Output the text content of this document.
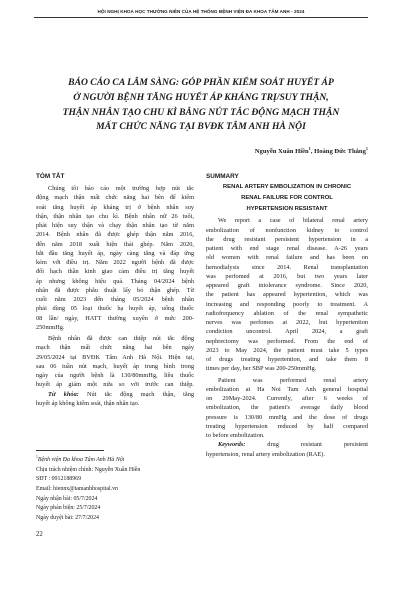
HỘI NGHỊ KHOA HỌC THƯỜNG NIÊN CỦA HỆ THỐNG BỆNH VIỆN ĐA KHOA TÂM ANH - 2024
BÁO CÁO CA LÂM SÀNG: GÓP PHẦN KIỂM SOÁT HUYẾT ÁP
Ở NGƯỜI BỆNH TĂNG HUYẾT ÁP KHÁNG TRỊ/SUY THẬN,
THẬN NHÂN TẠO CHU KÌ BẰNG NÚT TẮC ĐỘNG MẠCH THẬN
MẤT CHỨC NĂNG TẠI BVĐK TÂM ANH HÀ NỘI
Nguyễn Xuân Hiền$^1$, Hoàng Đức Thắng$^1$
TÓM TẮT
Chúng tôi báo cáo một trường hợp nút tắc
động mạch thận mất chức năng hai bên để kiểm
soát tăng huyết áp kháng trị ở bệnh nhân suy
thận, thận nhân tạo chu kì. Bệnh nhân nữ 26 tuổi,
phát hiện suy thận và chạy thận nhân tạo từ năm
2014. Bệnh nhân đã được ghép thận năm 2016,
đến năm 2018 xuất hiện thải ghép. Năm 2020,
bắt đầu tăng huyết áp, ngày càng tăng và đáp ứng
kém với điều trị. Năm 2022 người bệnh đã được
đối hạch thần kinh giao cảm điều trị tăng huyết
áp nhưng không hiệu quả. Tháng 04/2024 bệnh
nhân đã được phẫu thuật lấy bỏ thận ghép. Từ
cuối năm 2023 đến tháng 05/2024 bệnh nhân
phải dùng 05 loại thuốc hạ huyết áp, uống thuốc
08 lần/ ngày, HATT thường xuyên ở mức 200-
250mmHg.
Bệnh nhân đã được can thiệp nút tắc động
mạch thận mất chức năng hai bên ngày
29/05/2024 tại BVĐK Tâm Anh Hà Nội. Hiện tại,
sau 06 tuần nút mạch, huyết áp trung bình trong
ngày của người bệnh là 130/80mmHg, liều thuốc
huyết áp giảm một nửa so với trước can thiệp.
Từ khóa: Nút tắc động mạch thận, tăng
huyết áp không kiểm soát, thận nhân tạo.
$^1$Bệnh viện Đa khoa Tâm Anh Hà Nội
Chịu trách nhiệm chính: Nguyễn Xuân Hiền
SĐT : 0912188969
Email: hiennx@tamanhhospital.vn
Ngày nhận bài: 05/7/2024
Ngày phản biện: 25/7/2024
Ngày duyệt bài: 27/7/2024
22
SUMMARY
RENAL ARTERY EMBOLIZATION IN CHRONIC
RENAL FAILURE FOR CONTROL
HYPERTENSION RESISTANT
We report a case of bilateral renal artery
embolization of nonfunction kidney to control
the drug resistant persistent hypertension in a
patient with end stage renal disease. A-26 years
old women with renal failure and has been on
hemodialysis since 2014. Renal transplantation
was perfomed at 2016, but two years later
appeared graft intolerance syndrome. Since 2020,
the patient has appeared hypertention, which was
increasing and responding poorly to treatment. A
radiofrequency ablation of the renal sympathetic
nerves was perfomes at 2022, but hypertention
condiction uncontrol. April 2024, a graft
nephrectomy was performed. From the end of
2023 to May 2024, the patient must take 5 types
of drugs treating hypertention, and take them 8
times per day, her SBP was 200-250mmHg.
Patient was performed renal artery
embolization at Ha Noi Tam Anh general hospital
on 29May-2024. Currently, after 6 weeks of
embolization, the patient's average daily blood
pressure is 130/80 mmHg and the dose of drugs
treating hypertension reduced by half compared
to before embolization.
Keywords: drug resistant persistent
hypertension, renal artery embolization (RAE).
